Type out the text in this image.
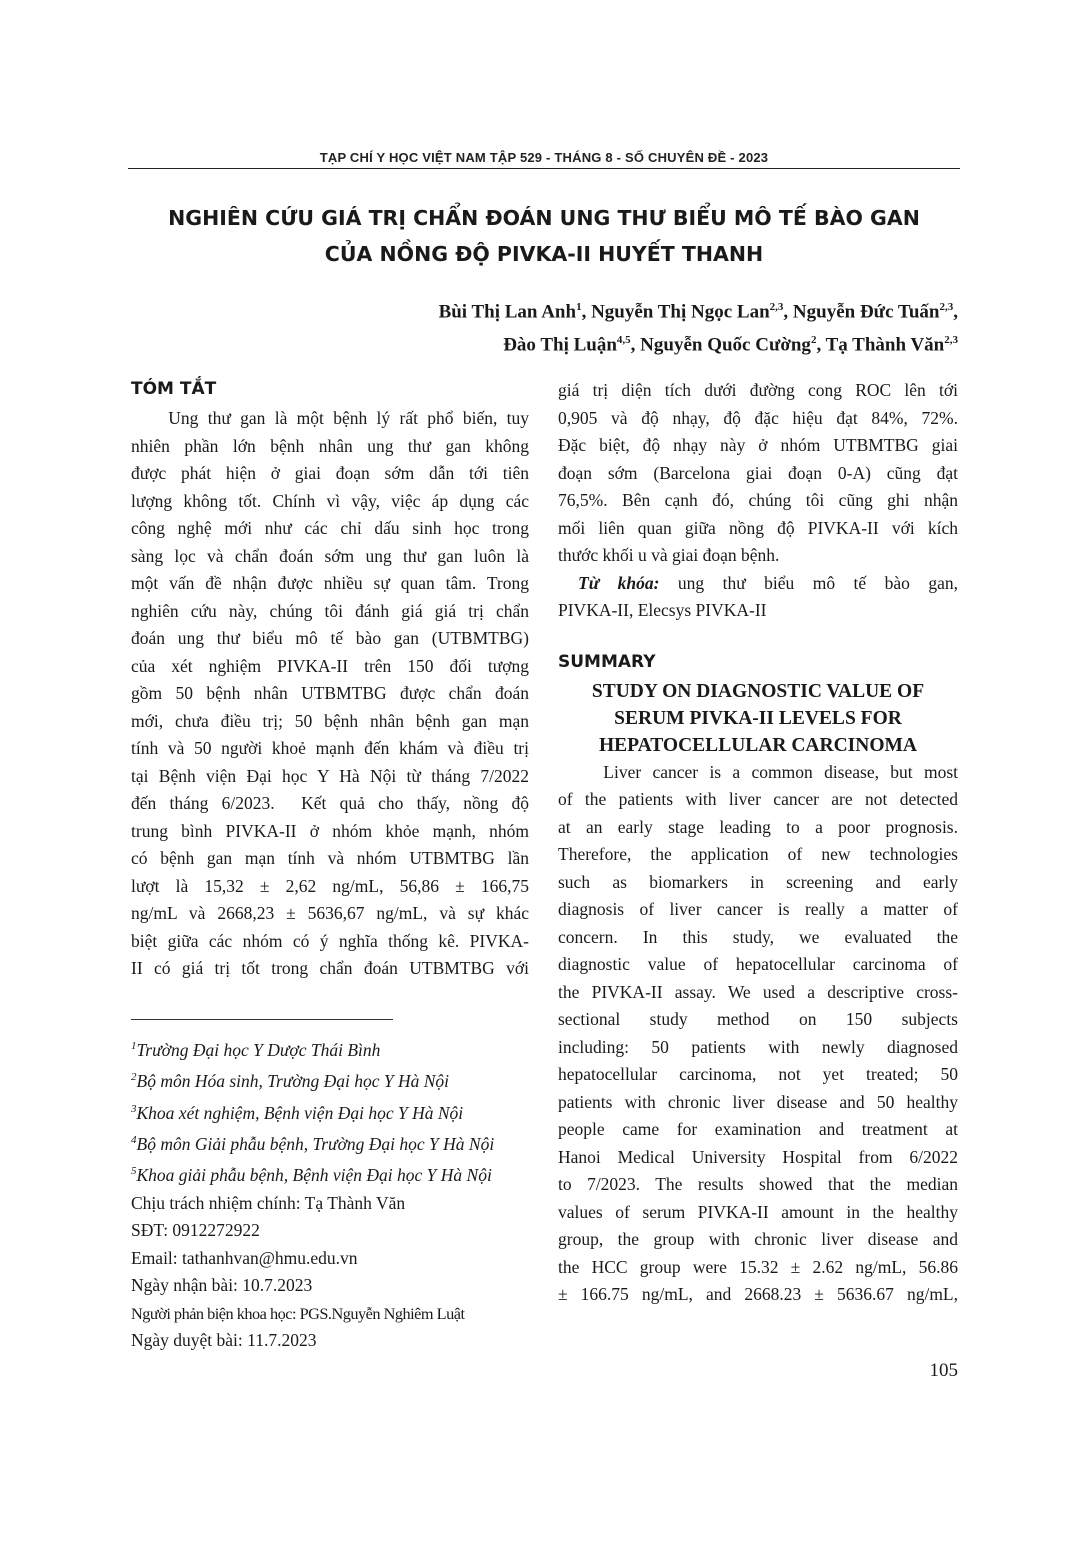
TẠP CHÍ Y HỌC VIỆT NAM TẬP 529 - THÁNG 8 - SỐ CHUYÊN ĐỀ - 2023
NGHIÊN CỨU GIÁ TRỊ CHẨN ĐOÁN UNG THƯ BIỂU MÔ TẾ BÀO GAN
CỦA NỒNG ĐỘ PIVKA-II HUYẾT THANH
Bùi Thị Lan Anh$^1$, Nguyễn Thị Ngọc Lan$^{2,3}$, Nguyễn Đức Tuấn$^{2,3}$,
Đào Thị Luận$^{4,5}$, Nguyễn Quốc Cường$^2$, Tạ Thành Văn$^{2,3}$
TÓM TẮT
Ung thư gan là một bệnh lý rất phổ biến, tuy
nhiên phần lớn bệnh nhân ung thư gan không
được phát hiện ở giai đoạn sớm dẫn tới tiên
lượng không tốt. Chính vì vậy, việc áp dụng các
công nghệ mới như các chỉ dấu sinh học trong
sàng lọc và chẩn đoán sớm ung thư gan luôn là
một vấn đề nhận được nhiều sự quan tâm. Trong
nghiên cứu này, chúng tôi đánh giá giá trị chẩn
đoán ung thư biểu mô tế bào gan (UTBMTBG)
của xét nghiệm PIVKA-II trên 150 đối tượng
gồm 50 bệnh nhân UTBMTBG được chẩn đoán
mới, chưa điều trị; 50 bệnh nhân bệnh gan mạn
tính và 50 người khoẻ mạnh đến khám và điều trị
tại Bệnh viện Đại học Y Hà Nội từ tháng 7/2022
đến tháng 6/2023.  Kết quả cho thấy, nồng độ
trung bình PIVKA-II ở nhóm khỏe mạnh, nhóm
có bệnh gan mạn tính và nhóm UTBMTBG lần
lượt là 15,32 ± 2,62 ng/mL, 56,86 ± 166,75
ng/mL và 2668,23 ± 5636,67 ng/mL, và sự khác
biệt giữa các nhóm có ý nghĩa thống kê. PIVKA-
II có giá trị tốt trong chẩn đoán UTBMTBG với
giá trị diện tích dưới đường cong ROC lên tới
0,905 và độ nhạy, độ đặc hiệu đạt 84%, 72%.
Đặc biệt, độ nhạy này ở nhóm UTBMTBG giai
đoạn sớm (Barcelona giai đoạn 0-A) cũng đạt
76,5%. Bên cạnh đó, chúng tôi cũng ghi nhận
mối liên quan giữa nồng độ PIVKA-II với kích
thước khối u và giai đoạn bệnh.
Từ khóa: ung thư biểu mô tế bào gan,
PIVKA-II, Elecsys PIVKA-II
SUMMARY
STUDY ON DIAGNOSTIC VALUE OF
SERUM PIVKA-II LEVELS FOR
HEPATOCELLULAR CARCINOMA
Liver cancer is a common disease, but most
of the patients with liver cancer are not detected
at an early stage leading to a poor prognosis.
Therefore, the application of new technologies
such as biomarkers in screening and early
diagnosis of liver cancer is really a matter of
concern. In this study, we evaluated the
diagnostic value of hepatocellular carcinoma of
the PIVKA-II assay. We used a descriptive cross-
sectional study method on 150 subjects
including: 50 patients with newly diagnosed
hepatocellular carcinoma, not yet treated; 50
patients with chronic liver disease and 50 healthy
people came for examination and treatment at
Hanoi Medical University Hospital from 6/2022
to 7/2023. The results showed that the median
values of serum PIVKA-II amount in the healthy
group, the group with chronic liver disease and
the HCC group were 15.32 ± 2.62 ng/mL, 56.86
± 166.75 ng/mL, and 2668.23 ± 5636.67 ng/mL,
$^1$Trường Đại học Y Dược Thái Bình
$^2$Bộ môn Hóa sinh, Trường Đại học Y Hà Nội
$^3$Khoa xét nghiệm, Bệnh viện Đại học Y Hà Nội
$^4$Bộ môn Giải phẫu bệnh, Trường Đại học Y Hà Nội
$^5$Khoa giải phẫu bệnh, Bệnh viện Đại học Y Hà Nội
Chịu trách nhiệm chính: Tạ Thành Văn
SĐT: 0912272922
Email: tathanhvan@hmu.edu.vn
Ngày nhận bài: 10.7.2023
Người phản biện khoa học: PGS.Nguyễn Nghiêm Luật
Ngày duyệt bài: 11.7.2023
105
